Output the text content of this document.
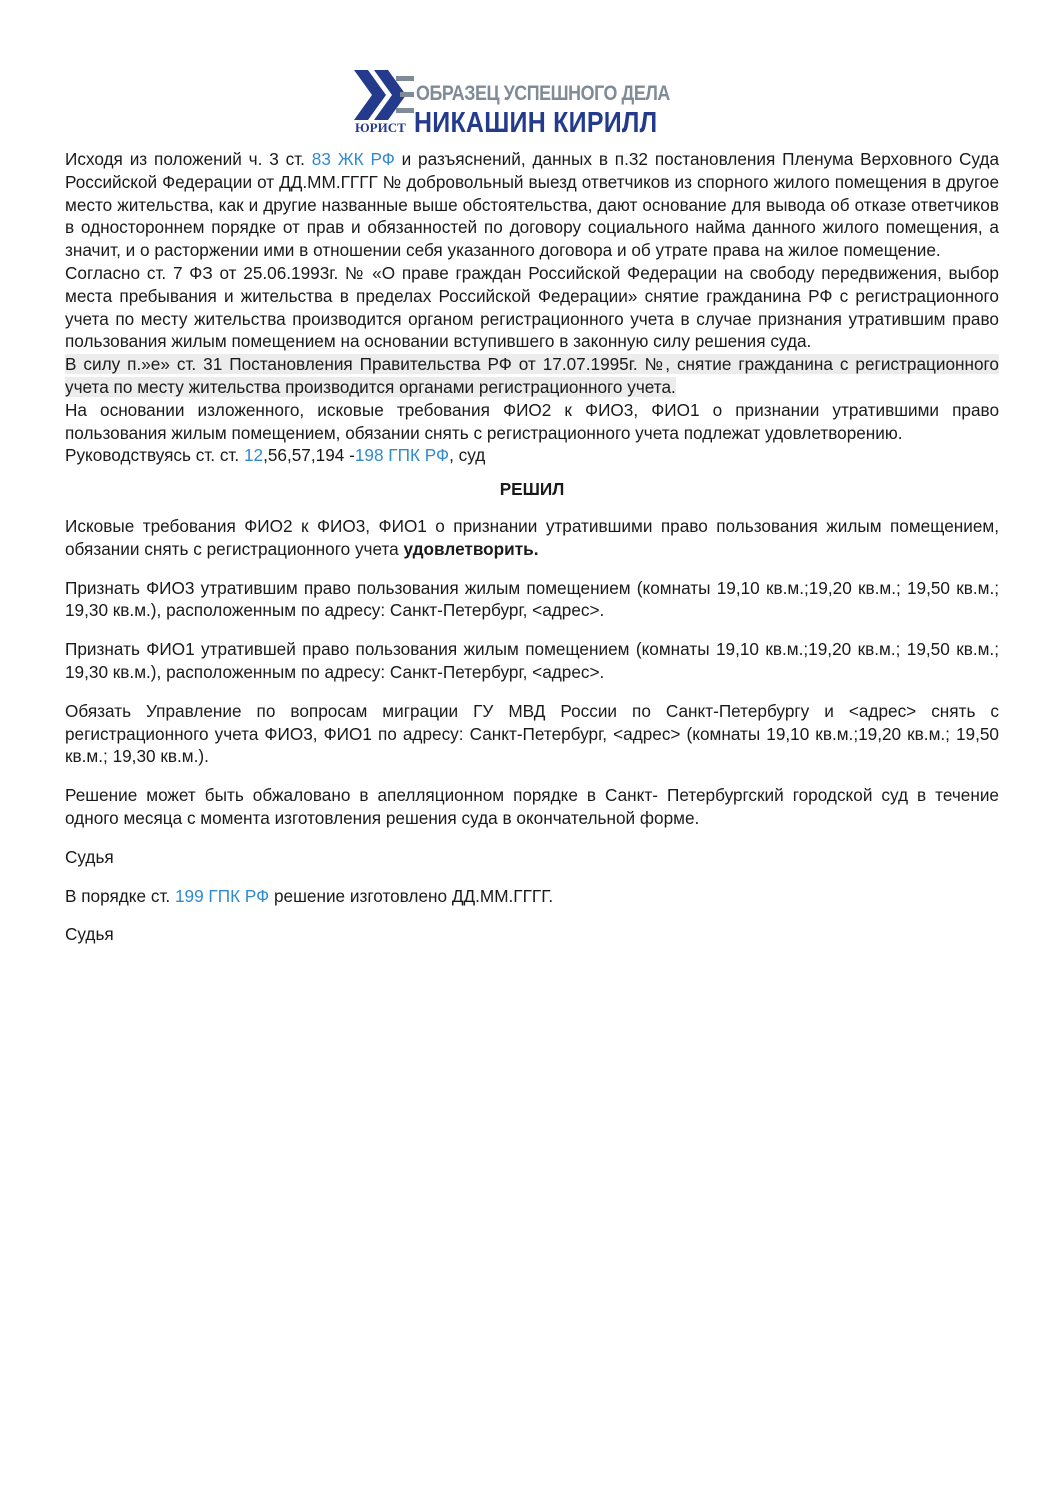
ОБРАЗЕЦ УСПЕШНОГО ДЕЛА
ЮРИСТ НИКАШИН КИРИЛЛ

Исходя из положений ч. 3 ст. 83 ЖК РФ и разъяснений, данных в п.32 постановления Пленума Верховного Суда Российской Федерации от ДД.ММ.ГГГГ № добровольный выезд ответчиков из спорного жилого помещения в другое место жительства, как и другие названные выше обстоятельства, дают основание для вывода об отказе ответчиков в одностороннем порядке от прав и обязанностей по договору социального найма данного жилого помещения, а значит, и о расторжении ими в отношении себя указанного договора и об утрате права на жилое помещение.

Согласно ст. 7 ФЗ от 25.06.1993г. № «О праве граждан Российской Федерации на свободу передвижения, выбор места пребывания и жительства в пределах Российской Федерации» снятие гражданина РФ с регистрационного учета по месту жительства производится органом регистрационного учета в случае признания утратившим право пользования жилым помещением на основании вступившего в законную силу решения суда.

В силу п.»е» ст. 31 Постановления Правительства РФ от 17.07.1995г. №, снятие гражданина с регистрационного учета по месту жительства производится органами регистрационного учета.

На основании изложенного, исковые требования ФИО2 к ФИО3, ФИО1 о признании утратившими право пользования жилым помещением, обязании снять с регистрационного учета подлежат удовлетворению.

Руководствуясь ст. ст. 12,56,57,194 -198 ГПК РФ, суд

РЕШИЛ

Исковые требования ФИО2 к ФИО3, ФИО1 о признании утратившими право пользования жилым помещением, обязании снять с регистрационного учета удовлетворить.

Признать ФИО3 утратившим право пользования жилым помещением (комнаты 19,10 кв.м.;19,20 кв.м.; 19,50 кв.м.; 19,30 кв.м.), расположенным по адресу: Санкт-Петербург, <адрес>.

Признать ФИО1 утратившей право пользования жилым помещением (комнаты 19,10 кв.м.;19,20 кв.м.; 19,50 кв.м.; 19,30 кв.м.), расположенным по адресу: Санкт-Петербург, <адрес>.

Обязать Управление по вопросам миграции ГУ МВД России по Санкт-Петербургу и <адрес> снять с регистрационного учета ФИО3, ФИО1 по адресу: Санкт-Петербург, <адрес> (комнаты 19,10 кв.м.;19,20 кв.м.; 19,50 кв.м.; 19,30 кв.м.).

Решение может быть обжаловано в апелляционном порядке в Санкт- Петербургский городской суд в течение одного месяца с момента изготовления решения суда в окончательной форме.

Судья

В порядке ст. 199 ГПК РФ решение изготовлено ДД.ММ.ГГГГ.

Судья
